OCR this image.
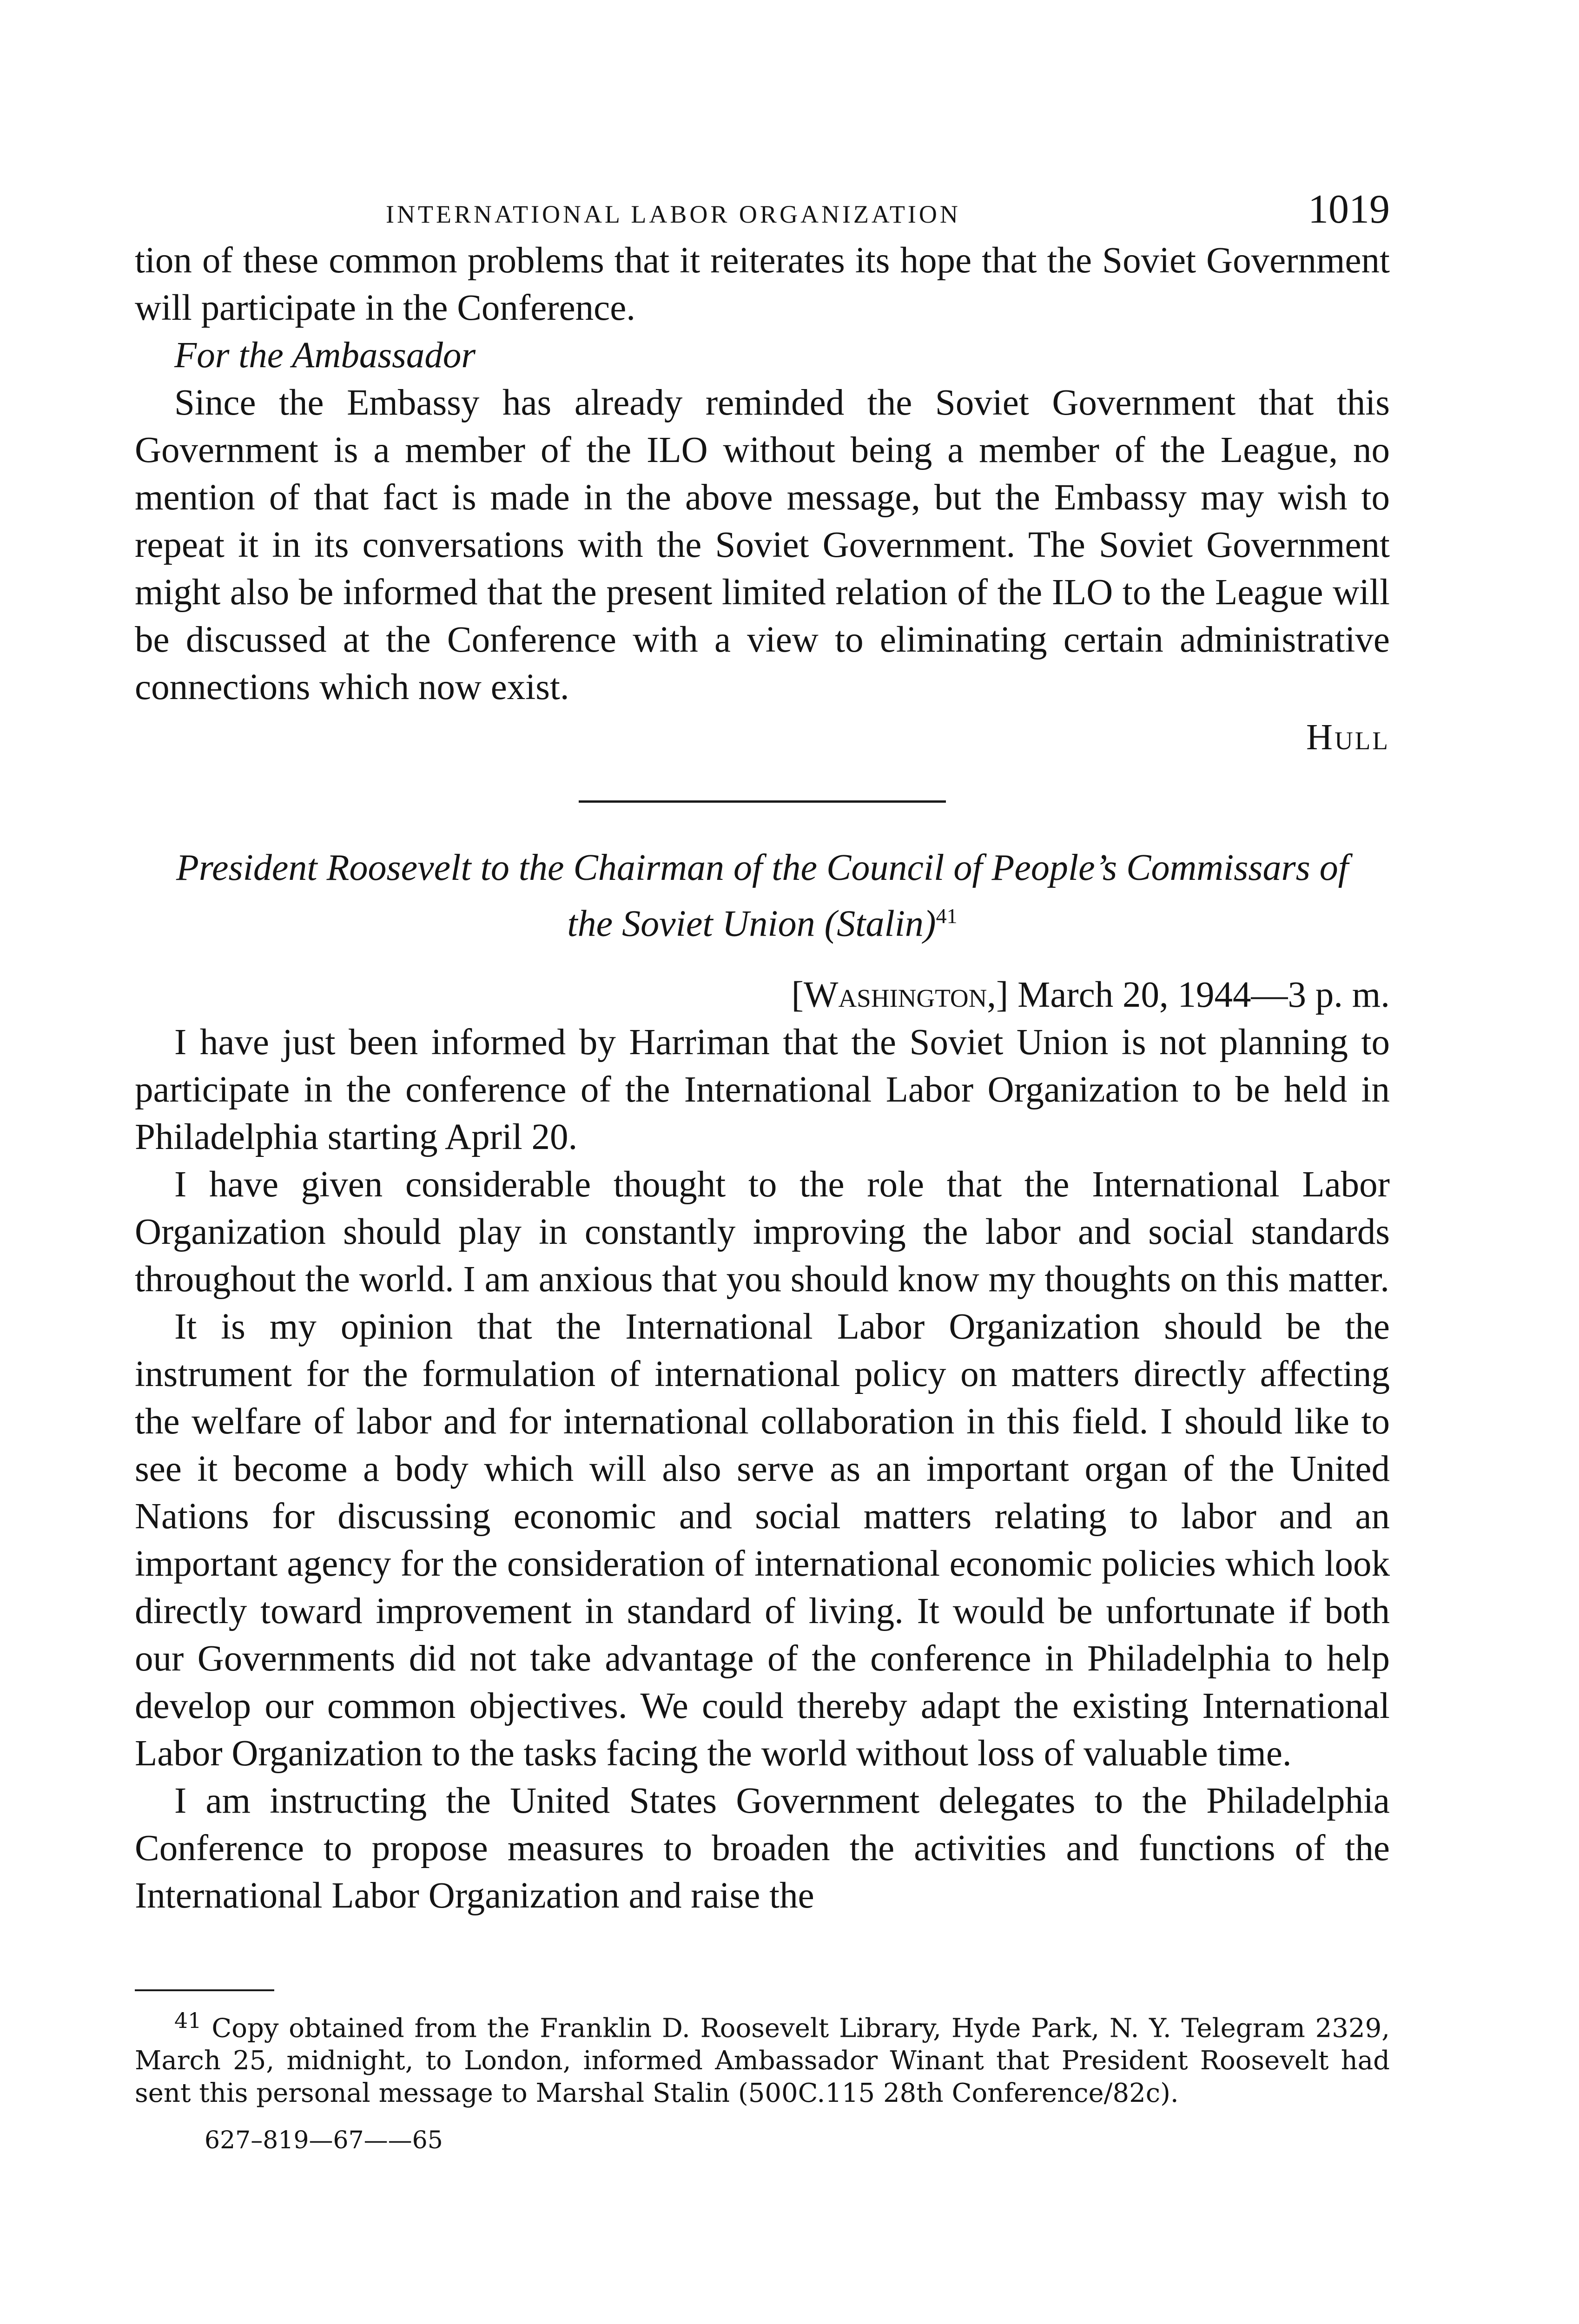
INTERNATIONAL LABOR ORGANIZATION	1019

tion of these common problems that it reiterates its hope that the Soviet Government will participate in the Conference.

For the Ambassador

Since the Embassy has already reminded the Soviet Government that this Government is a member of the ILO without being a member of the League, no mention of that fact is made in the above message, but the Embassy may wish to repeat it in its conversations with the Soviet Government. The Soviet Government might also be informed that the present limited relation of the ILO to the League will be discussed at the Conference with a view to eliminating certain administrative connections which now exist.

Hull
President Roosevelt to the Chairman of the Council of People’s Commissars of the Soviet Union (Stalin)$^{41}$
[Washington,] March 20, 1944—3 p. m.

I have just been informed by Harriman that the Soviet Union is not planning to participate in the conference of the International Labor Organization to be held in Philadelphia starting April 20.

I have given considerable thought to the role that the International Labor Organization should play in constantly improving the labor and social standards throughout the world. I am anxious that you should know my thoughts on this matter.

It is my opinion that the International Labor Organization should be the instrument for the formulation of international policy on matters directly affecting the welfare of labor and for international collaboration in this field. I should like to see it become a body which will also serve as an important organ of the United Nations for discussing economic and social matters relating to labor and an important agency for the consideration of international economic policies which look directly toward improvement in standard of living. It would be unfortunate if both our Governments did not take advantage of the conference in Philadelphia to help develop our common objectives. We could thereby adapt the existing International Labor Organization to the tasks facing the world without loss of valuable time.

I am instructing the United States Government delegates to the Philadelphia Conference to propose measures to broaden the activities and functions of the International Labor Organization and raise the

$^{41}$ Copy obtained from the Franklin D. Roosevelt Library, Hyde Park, N. Y. Telegram 2329, March 25, midnight, to London, informed Ambassador Winant that President Roosevelt had sent this personal message to Marshal Stalin (500C.115 28th Conference/82c).
627–819—67——65
